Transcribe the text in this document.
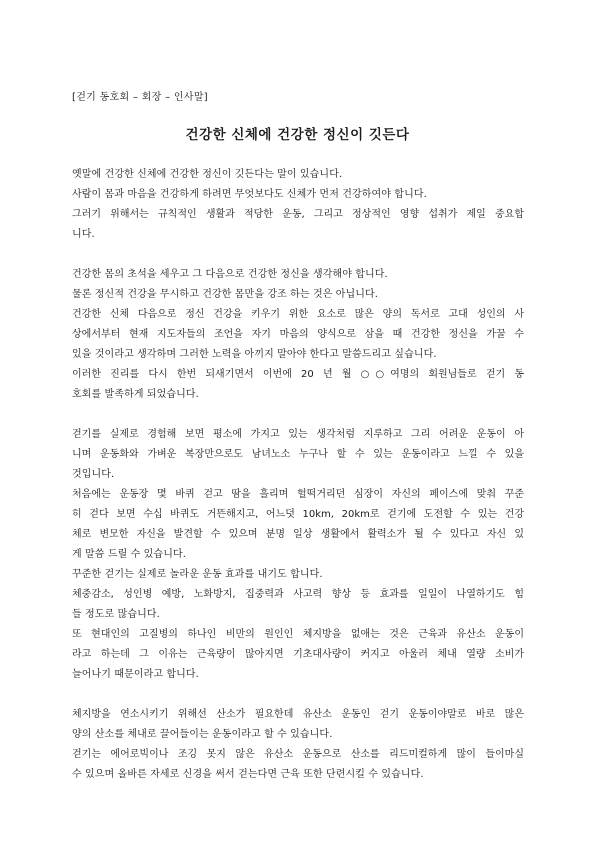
[걷기 동호회 – 회장 – 인사말]
건강한 신체에 건강한 정신이 깃든다
옛말에 건강한 신체에 건강한 정신이 깃든다는 말이 있습니다.
사람이 몸과 마음을 건강하게 하려면 무엇보다도 신체가 먼저 건강하여야 합니다.
그러기 위해서는 규칙적인 생활과 적당한 운동, 그리고 정상적인 영향 섭취가 제일 중요합
니다.
건강한 몸의 초석을 세우고 그 다음으로 건강한 정신을 생각해야 합니다.
물론 정신적 건강을 무시하고 건강한 몸만을 강조 하는 것은 아닙니다.
건강한 신체 다음으로 정신 건강을 키우기 위한 요소로 많은 양의 독서로 고대 성인의 사
상에서부터 현재 지도자들의 조언을 자기 마음의 양식으로 삼을 때 건강한 정신을 가꿀 수
있을 것이라고 생각하며 그러한 노력을 아끼지 말아야 한다고 말씀드리고 싶습니다.
이러한 진리를 다시 한번 되새기면서 이번에 20 년 월 ○○여명의 회원님들로 걷기 동
호회를 발족하게 되었습니다.
걷기를 실제로 경험해 보면 평소에 가지고 있는 생각처럼 지루하고 그리 어려운 운동이 아
니며 운동화와 가벼운 복장만으로도 남녀노소 누구나 할 수 있는 운동이라고 느낄 수 있을
것입니다.
처음에는 운동장 몇 바퀴 걷고 땀을 흘리며 헐떡거리던 심장이 자신의 페이스에 맞춰 꾸준
히 걷다 보면 수십 바퀴도 거뜬해지고, 어느덧 10km, 20km로 걷기에 도전할 수 있는 건강
체로 변모한 자신을 발견할 수 있으며 분명 일상 생활에서 활력소가 될 수 있다고 자신 있
게 말씀 드릴 수 있습니다.
꾸준한 걷기는 실제로 놀라운 운동 효과를 내기도 합니다.
체중감소, 성인병 예방, 노화방지, 집중력과 사고력 향상 등 효과를 일일이 나열하기도 힘
들 정도로 많습니다.
또 현대인의 고질병의 하나인 비만의 원인인 체지방을 없애는 것은 근육과 유산소 운동이
라고 하는데 그 이유는 근육량이 많아지면 기초대사량이 커지고 아울러 체내 열량 소비가
늘어나기 때문이라고 합니다.
체지방을 연소시키기 위해선 산소가 필요한데 유산소 운동인 걷기 운동이야말로 바로 많은
양의 산소를 체내로 끌어들이는 운동이라고 할 수 있습니다.
걷기는 에어로빅이나 조깅 못지 않은 유산소 운동으로 산소를 리드미컬하게 많이 들이마실
수 있으며 올바른 자세로 신경을 써서 걷는다면 근육 또한 단련시킬 수 있습니다.
